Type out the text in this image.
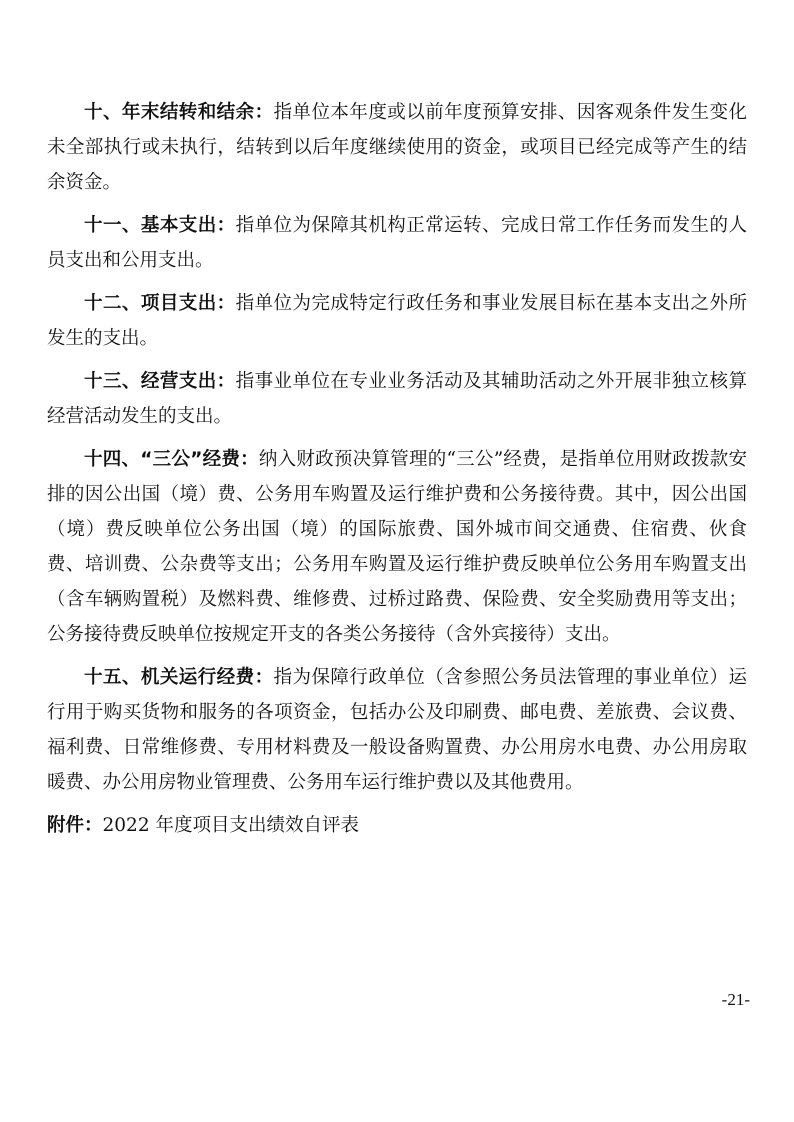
十、年末结转和结余：指单位本年度或以前年度预算安排、因客观条件发生变化未全部执行或未执行，结转到以后年度继续使用的资金，或项目已经完成等产生的结余资金。

十一、基本支出：指单位为保障其机构正常运转、完成日常工作任务而发生的人员支出和公用支出。

十二、项目支出：指单位为完成特定行政任务和事业发展目标在基本支出之外所发生的支出。

十三、经营支出：指事业单位在专业业务活动及其辅助活动之外开展非独立核算经营活动发生的支出。

十四、“三公”经费：纳入财政预决算管理的“三公”经费，是指单位用财政拨款安排的因公出国（境）费、公务用车购置及运行维护费和公务接待费。其中，因公出国（境）费反映单位公务出国（境）的国际旅费、国外城市间交通费、住宿费、伙食费、培训费、公杂费等支出；公务用车购置及运行维护费反映单位公务用车购置支出（含车辆购置税）及燃料费、维修费、过桥过路费、保险费、安全奖励费用等支出；公务接待费反映单位按规定开支的各类公务接待（含外宾接待）支出。

十五、机关运行经费：指为保障行政单位（含参照公务员法管理的事业单位）运行用于购买货物和服务的各项资金，包括办公及印刷费、邮电费、差旅费、会议费、福利费、日常维修费、专用材料费及一般设备购置费、办公用房水电费、办公用房取暖费、办公用房物业管理费、公务用车运行维护费以及其他费用。

附件：2022 年度项目支出绩效自评表

-21-
